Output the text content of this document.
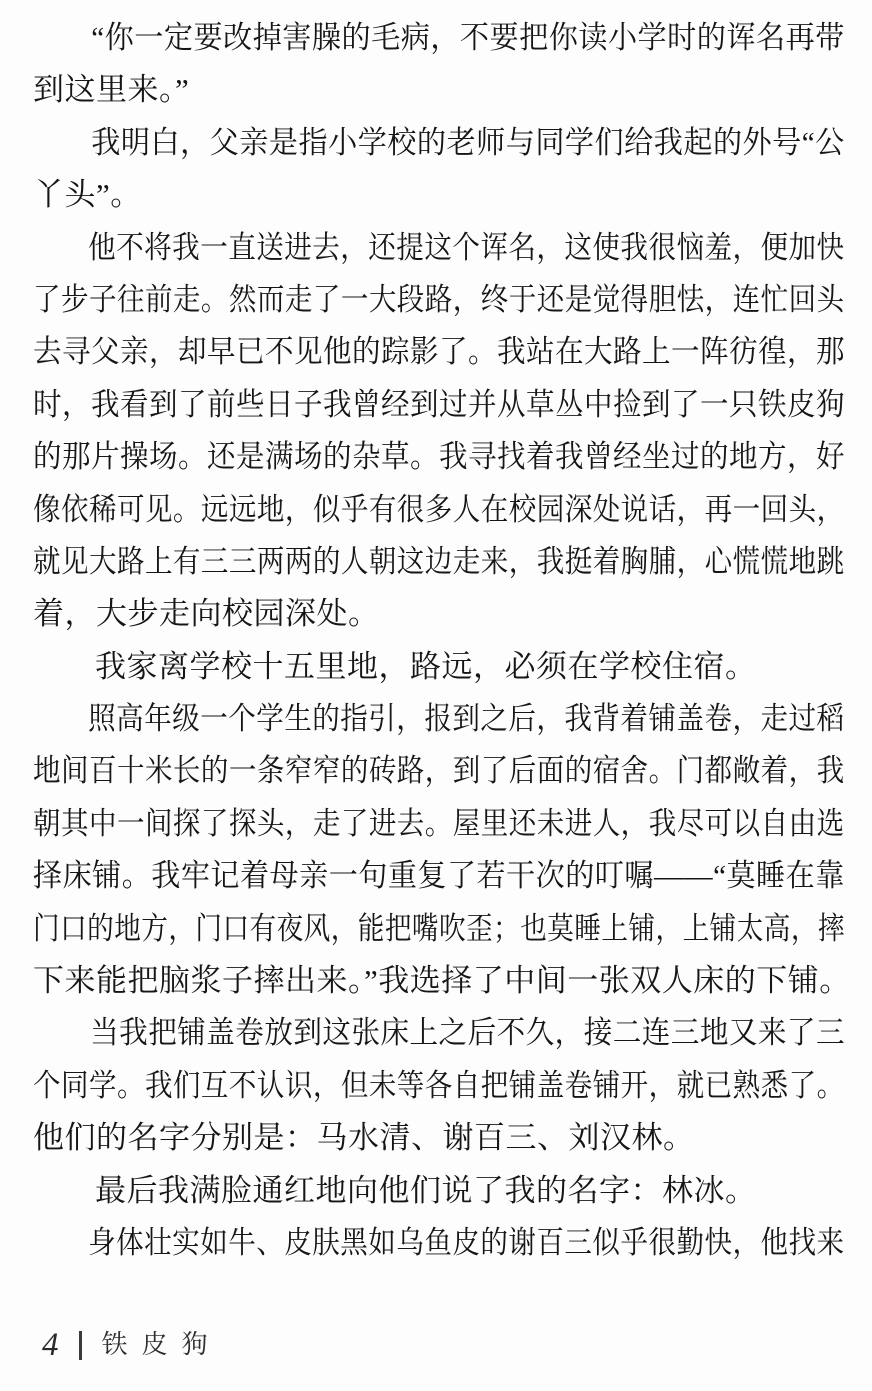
“你一定要改掉害臊的毛病，不要把你读小学时的诨名再带
到这里来。”
我明白，父亲是指小学校的老师与同学们给我起的外号“公
丫头”。
他不将我一直送进去，还提这个诨名，这使我很恼羞，便加快
了步子往前走。然而走了一大段路，终于还是觉得胆怯，连忙回头
去寻父亲，却早已不见他的踪影了。我站在大路上一阵彷徨，那
时，我看到了前些日子我曾经到过并从草丛中捡到了一只铁皮狗
的那片操场。还是满场的杂草。我寻找着我曾经坐过的地方，好
像依稀可见。远远地，似乎有很多人在校园深处说话，再一回头，
就见大路上有三三两两的人朝这边走来，我挺着胸脯，心慌慌地跳
着，大步走向校园深处。
我家离学校十五里地，路远，必须在学校住宿。
照高年级一个学生的指引，报到之后，我背着铺盖卷，走过稻
地间百十米长的一条窄窄的砖路，到了后面的宿舍。门都敞着，我
朝其中一间探了探头，走了进去。屋里还未进人，我尽可以自由选
择床铺。我牢记着母亲一句重复了若干次的叮嘱——“莫睡在靠
门口的地方，门口有夜风，能把嘴吹歪；也莫睡上铺，上铺太高，摔
下来能把脑浆子摔出来。”我选择了中间一张双人床的下铺。
当我把铺盖卷放到这张床上之后不久，接二连三地又来了三
个同学。我们互不认识，但未等各自把铺盖卷铺开，就已熟悉了。
他们的名字分别是：马水清、谢百三、刘汉林。
最后我满脸通红地向他们说了我的名字：林冰。
身体壮实如牛、皮肤黑如乌鱼皮的谢百三似乎很勤快，他找来
4 铁皮狗
